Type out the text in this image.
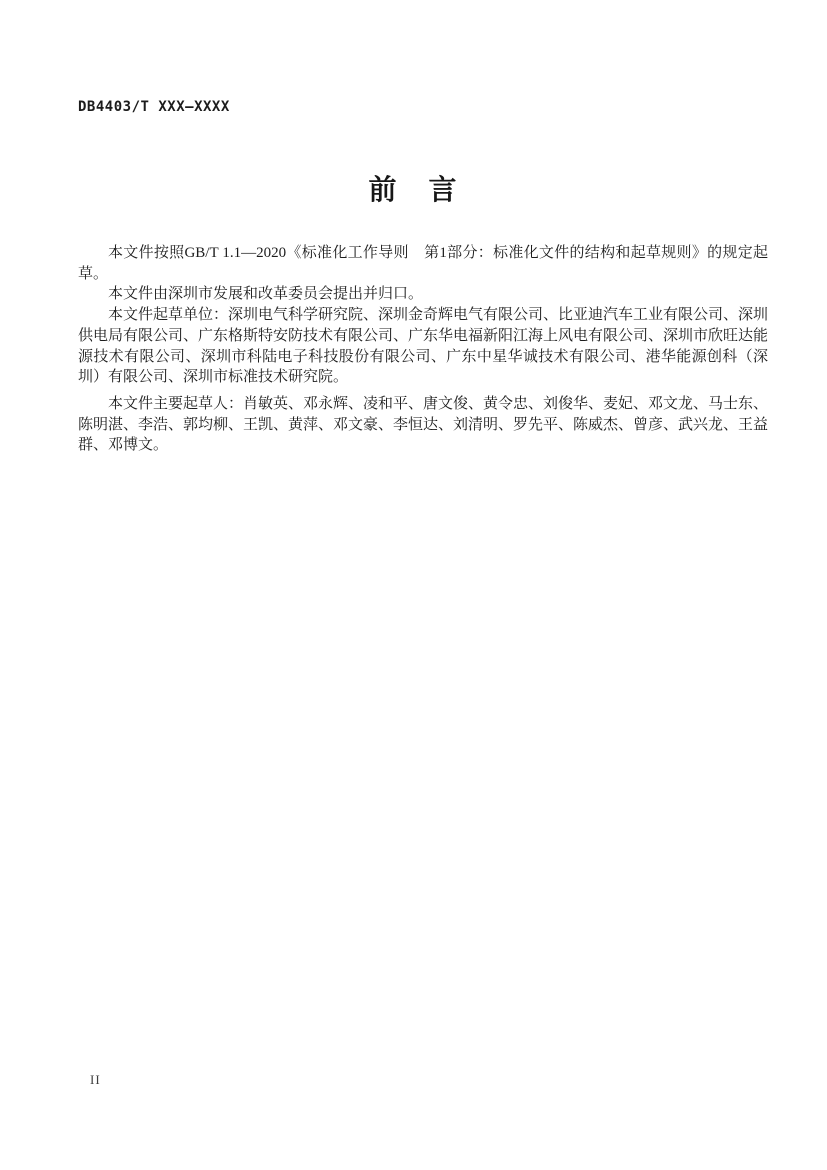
DB4403/T XXX—XXXX
前　言

本文件按照GB/T 1.1—2020《标准化工作导则　第1部分：标准化文件的结构和起草规则》的规定起草。

本文件由深圳市发展和改革委员会提出并归口。

本文件起草单位：深圳电气科学研究院、深圳金奇辉电气有限公司、比亚迪汽车工业有限公司、深圳供电局有限公司、广东格斯特安防技术有限公司、广东华电福新阳江海上风电有限公司、深圳市欣旺达能源技术有限公司、深圳市科陆电子科技股份有限公司、广东中星华诚技术有限公司、港华能源创科（深圳）有限公司、深圳市标准技术研究院。

本文件主要起草人：肖敏英、邓永辉、凌和平、唐文俊、黄令忠、刘俊华、麦妃、邓文龙、马士东、陈明湛、李浩、郭均柳、王凯、黄萍、邓文豪、李恒达、刘清明、罗先平、陈威杰、曾彦、武兴龙、王益群、邓博文。

II
